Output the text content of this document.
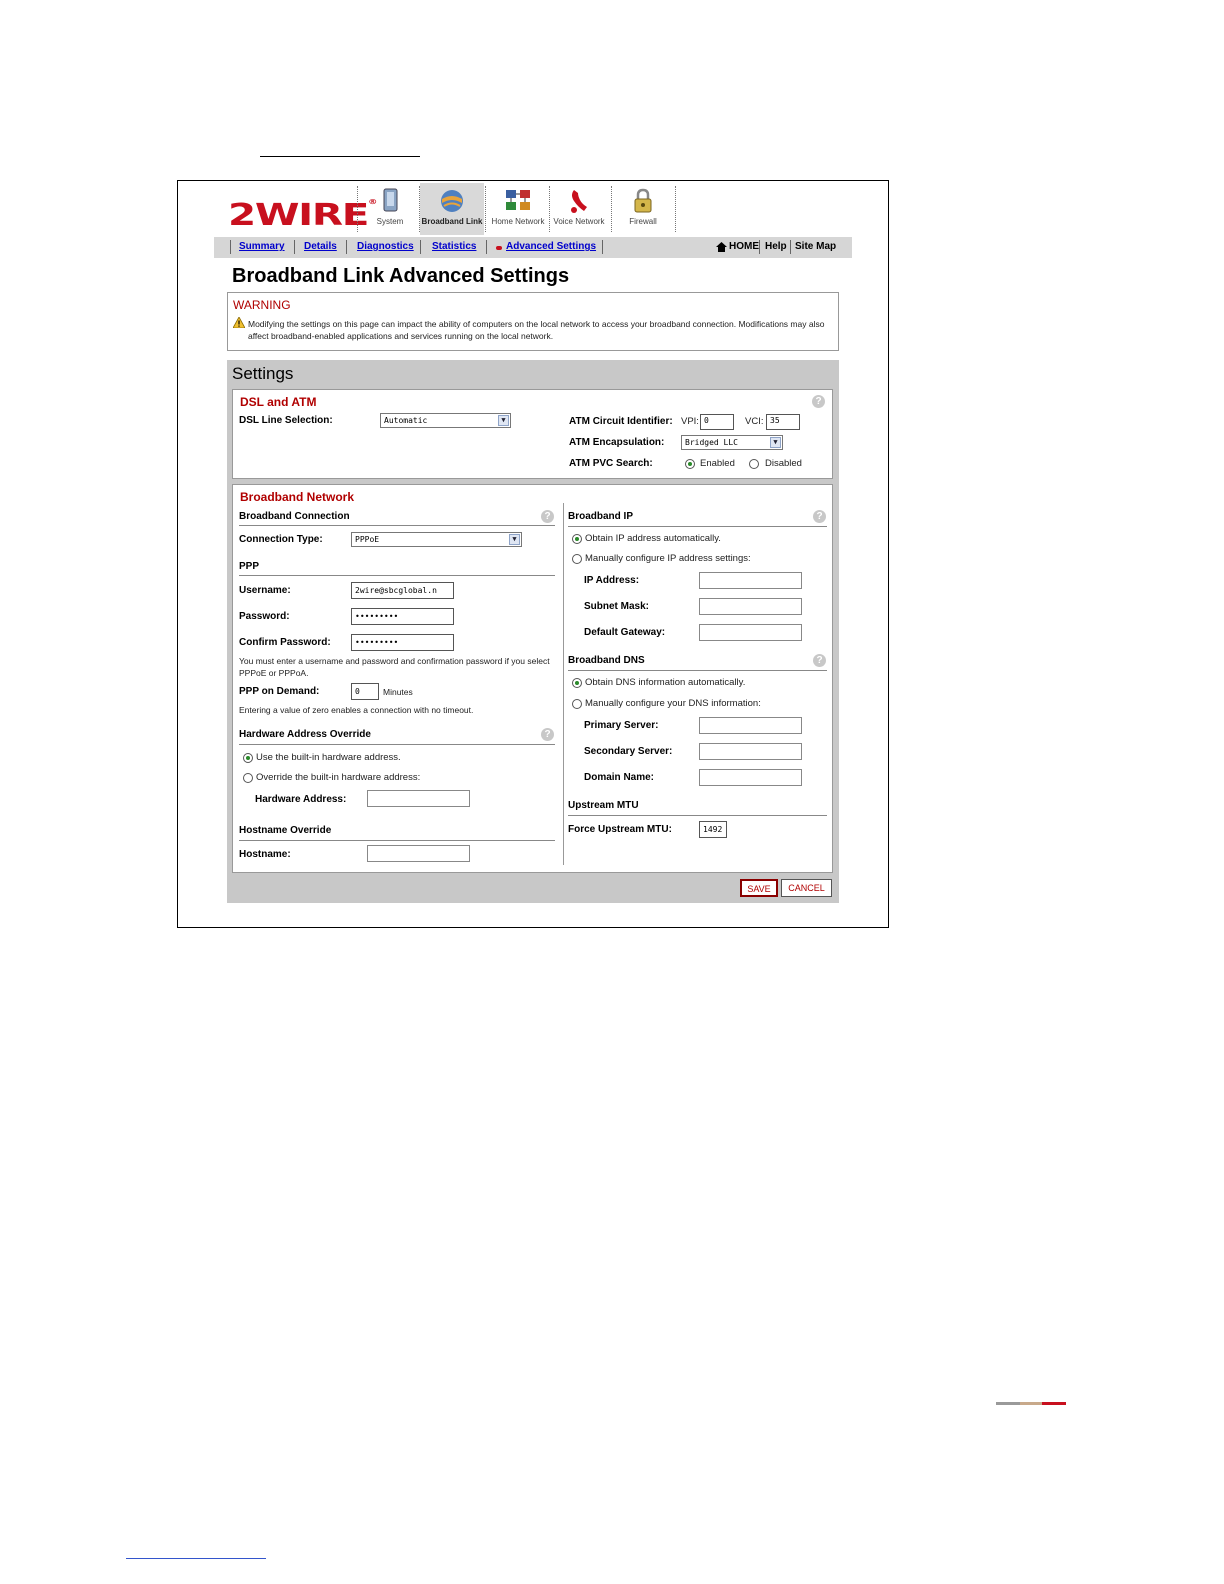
2WIRE®
System	Broadband Link	Home Network	Voice Network	Firewall
Summary Details Diagnostics Statistics	Advanced Settings	HOME Help Site Map
Broadband Link Advanced Settings
WARNING
Modifying the settings on this page can impact the ability of computers on the local network to access your broadband connection. Modifications may also affect broadband-enabled applications and services running on the local network.
Settings
DSL and ATM	?
DSL Line Selection:	Automatic	▼	ATM Circuit Identifier: VPI: 0	VCI: 35
ATM Encapsulation:	Bridged LLC	▼
ATM PVC Search:	Enabled	Disabled
Broadband Network
Broadband Connection	?
Connection Type:	PPPoE	▼
PPP
Username:	2wire@sbcglobal.n
Password:	•••••••••
Confirm Password:	•••••••••
You must enter a username and password and confirmation password if you select PPPoE or PPPoA.
PPP on Demand:	0	Minutes
Entering a value of zero enables a connection with no timeout.
Hardware Address Override	?
Use the built-in hardware address.
Override the built-in hardware address:
Hardware Address:
Hostname Override
Hostname:
Broadband IP	?
Obtain IP address automatically.
Manually configure IP address settings:
IP Address:
Subnet Mask:
Default Gateway:
Broadband DNS	?
Obtain DNS information automatically.
Manually configure your DNS information:
Primary Server:
Secondary Server:
Domain Name:
Upstream MTU
Force Upstream MTU:	1492
SAVE	CANCEL
